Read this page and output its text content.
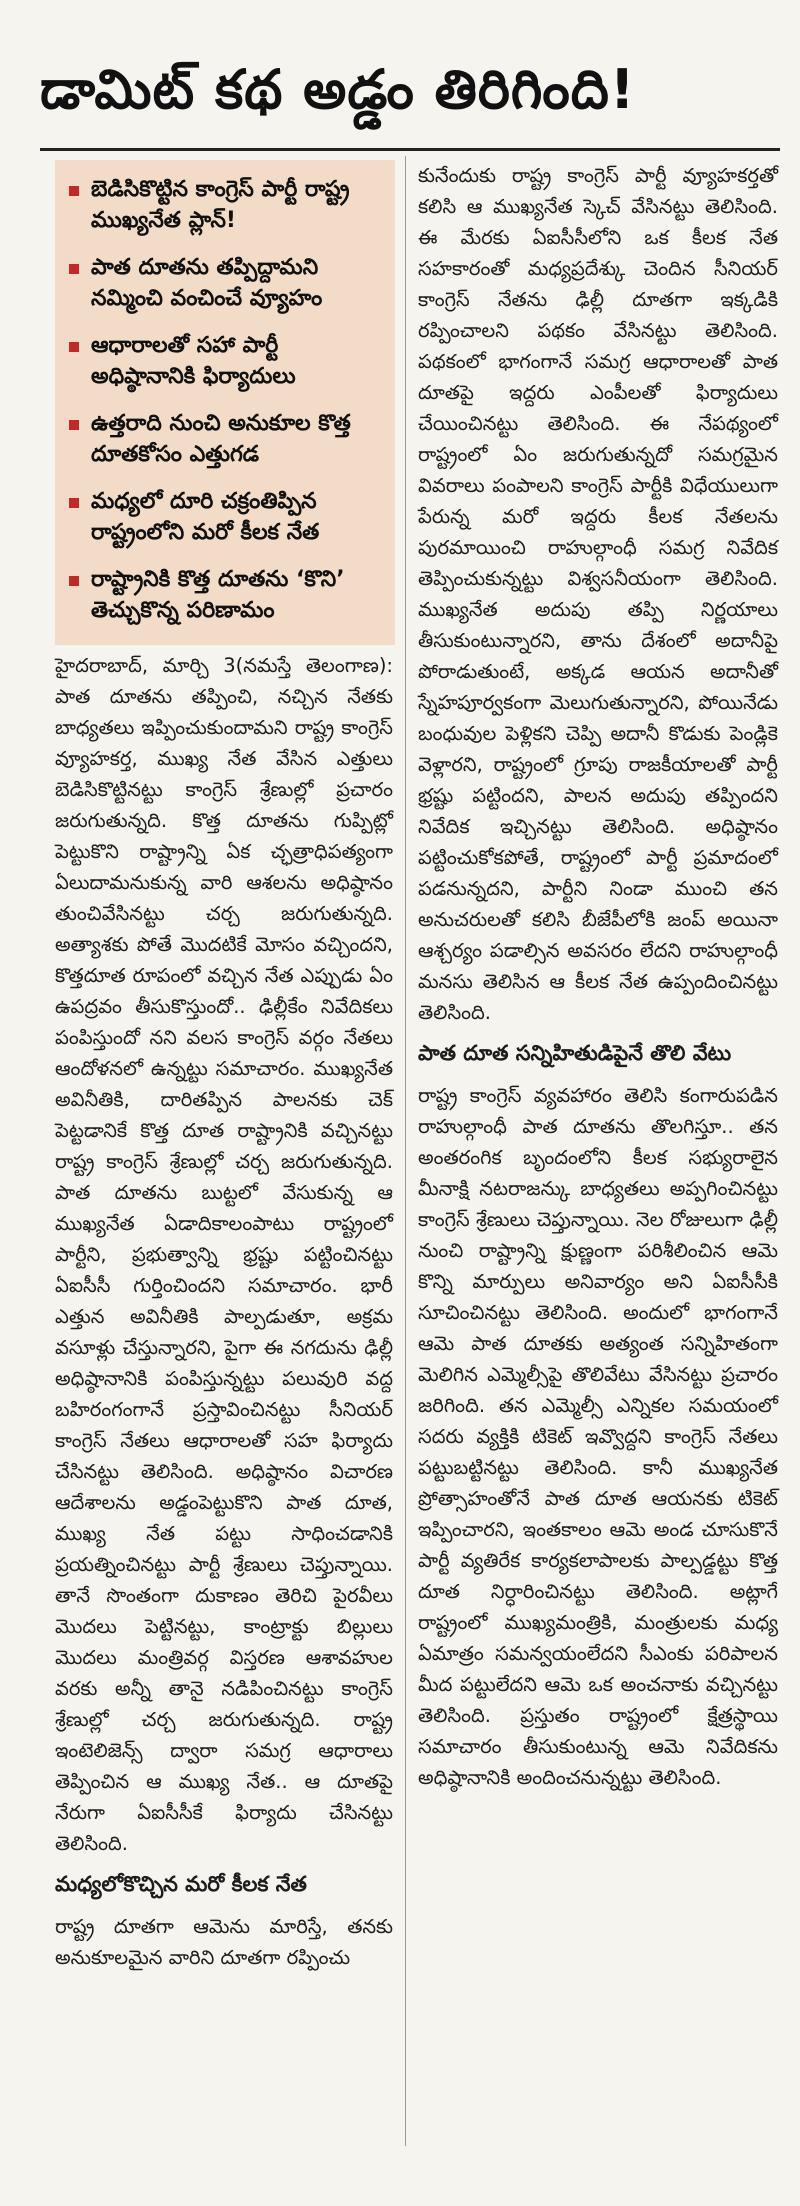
డామిట్ కథ అడ్డం తిరిగింది!
బెడిసికొట్టిన కాంగ్రెస్ పార్టీ రాష్ట్ర ముఖ్యనేత ప్లాన్!
పాత దూతను తప్పిద్దామని నమ్మించి వంచించే వ్యూహం
ఆధారాలతో సహా పార్టీ అధిష్ఠానానికి ఫిర్యాదులు
ఉత్తరాది నుంచి అనుకూల కొత్త దూతకోసం ఎత్తుగడ
మధ్యలో దూరి చక్రంతిప్పిన రాష్ట్రంలోని మరో కీలక నేత
రాష్ట్రానికి కొత్త దూతను ‘కొని’ తెచ్చుకొన్న పరిణామం

హైదరాబాద్, మార్చి 3(నమస్తే తెలంగాణ): పాత దూతను తప్పించి, నచ్చిన నేతకు బాధ్యతలు ఇప్పించుకుందామని రాష్ట్ర కాంగ్రెస్ వ్యూహకర్త, ముఖ్య నేత వేసిన ఎత్తులు బెడిసికొట్టినట్టు కాంగ్రెస్ శ్రేణుల్లో ప్రచారం జరుగుతున్నది. కొత్త దూతను గుప్పిట్లో పెట్టుకొని రాష్ట్రాన్ని ఏక చ్ఛత్రాధిపత్యంగా ఏలుదామనుకున్న వారి ఆశలను అధిష్ఠానం తుంచివేసినట్టు చర్చ జరుగుతున్నది. అత్యాశకు పోతే మొదటికే మోసం వచ్చిందని, కొత్తదూత రూపంలో వచ్చిన నేత ఎప్పుడు ఏం ఉపద్రవం తీసుకొస్తుందో.. ఢిల్లీకేం నివేదికలు పంపిస్తుందో నని వలస కాంగ్రెస్ వర్గం నేతలు ఆందోళనలో ఉన్నట్టు సమాచారం. ముఖ్యనేత అవినీతికి, దారితప్పిన పాలనకు చెక్ పెట్టడానికే కొత్త దూత రాష్ట్రానికి వచ్చినట్టు రాష్ట్ర కాంగ్రెస్ శ్రేణుల్లో చర్చ జరుగుతున్నది. పాత దూతను బుట్టలో వేసుకున్న ఆ ముఖ్యనేత ఏడాదికాలంపాటు రాష్ట్రంలో పార్టీని, ప్రభుత్వాన్ని భ్రష్టు పట్టించినట్టు ఏఐసీసీ గుర్తించిందని సమాచారం. భారీ ఎత్తున అవినీతికి పాల్పడుతూ, అక్రమ వసూళ్లు చేస్తున్నారని, పైగా ఈ నగదును ఢిల్లీ అధిష్ఠానానికి పంపిస్తున్నట్టు పలువురి వద్ద బహిరంగంగానే ప్రస్తావించినట్టు సీనియర్ కాంగ్రెస్ నేతలు ఆధారాలతో సహ ఫిర్యాదు చేసినట్టు తెలిసింది. అధిష్ఠానం విచారణ ఆదేశాలను అడ్డంపెట్టుకొని పాత దూత, ముఖ్య నేత పట్టు సాధించడానికి ప్రయత్నించినట్టు పార్టీ శ్రేణులు చెప్తున్నాయి. తానే సొంతంగా దుకాణం తెరిచి పైరవీలు మొదలు పెట్టినట్టు, కాంట్రాక్టు బిల్లులు మొదలు మంత్రివర్గ విస్తరణ ఆశావహుల వరకు అన్నీ తానై నడిపించినట్టు కాంగ్రెస్ శ్రేణుల్లో చర్చ జరుగుతున్నది. రాష్ట్ర ఇంటెలిజెన్స్ ద్వారా సమగ్ర ఆధారాలు తెప్పించిన ఆ ముఖ్య నేత.. ఆ దూతపై నేరుగా ఏఐసీసీకే ఫిర్యాదు చేసినట్టు తెలిసింది.

మధ్యలోకొచ్చిన మరో కీలక నేత

రాష్ట్ర దూతగా ఆమెను మారిస్తే, తనకు అనుకూలమైన వారిని దూతగా రప్పించు

కునేందుకు రాష్ట్ర కాంగ్రెస్ పార్టీ వ్యూహకర్తతో కలిసి ఆ ముఖ్యనేత స్కెచ్ వేసినట్టు తెలిసింది. ఈ మేరకు ఏఐసీసీలోని ఒక కీలక నేత సహకారంతో మధ్యప్రదేశ్కు చెందిన సీనియర్ కాంగ్రెస్ నేతను ఢిల్లీ దూతగా ఇక్కడికి రప్పించాలని పథకం వేసినట్టు తెలిసింది. పథకంలో భాగంగానే సమగ్ర ఆధారాలతో పాత దూతపై ఇద్దరు ఎంపీలతో ఫిర్యాదులు చేయించినట్టు తెలిసింది. ఈ నేపథ్యంలో రాష్ట్రంలో ఏం జరుగుతున్నదో సమగ్రమైన వివరాలు పంపాలని కాంగ్రెస్ పార్టీకి విధేయులుగా పేరున్న మరో ఇద్దరు కీలక నేతలను పురమాయించి రాహుల్గాంధీ సమగ్ర నివేదిక తెప్పించుకున్నట్టు విశ్వసనీయంగా తెలిసింది. ముఖ్యనేత అదుపు తప్పి నిర్ణయాలు తీసుకుంటున్నారని, తాను దేశంలో అదానీపై పోరాడుతుంటే, అక్కడ ఆయన అదానీతో స్నేహపూర్వకంగా మెలుగుతున్నారని, పోయినేడు బంధువుల పెళ్లికని చెప్పి అదానీ కొడుకు పెండ్లికె వెళ్లారని, రాష్ట్రంలో గ్రూపు రాజకీయాలతో పార్టీ భ్రష్టు పట్టిందని, పాలన అదుపు తప్పిందని నివేదిక ఇచ్చినట్టు తెలిసింది. అధిష్ఠానం పట్టించుకోకపోతే, రాష్ట్రంలో పార్టీ ప్రమాదంలో పడనున్నదని, పార్టీని నిండా ముంచి తన అనుచరులతో కలిసి బీజేపీలోకి జంప్ అయినా ఆశ్చర్యం పడాల్సిన అవసరం లేదని రాహుల్గాంధీ మనసు తెలిసిన ఆ కీలక నేత ఉప్పందించినట్టు తెలిసింది.

పాత దూత సన్నిహితుడిపైనే తొలి వేటు

రాష్ట్ర కాంగ్రెస్ వ్యవహారం తెలిసి కంగారుపడిన రాహుల్గాంధీ పాత దూతను తొలగిస్తూ.. తన అంతరంగిక బృందంలోని కీలక సభ్యురాలైన మీనాక్షి నటరాజన్కు బాధ్యతలు అప్పగించినట్టు కాంగ్రెస్ శ్రేణులు చెప్తున్నాయి. నెల రోజులుగా ఢిల్లీ నుంచి రాష్ట్రాన్ని క్షుణ్ణంగా పరిశీలించిన ఆమె కొన్ని మార్పులు అనివార్యం అని ఏఐసీసీకి సూచించినట్టు తెలిసింది. అందులో భాగంగానే ఆమె పాత దూతకు అత్యంత సన్నిహితంగా మెలిగిన ఎమ్మెల్సీపై తొలివేటు వేసినట్టు ప్రచారం జరిగింది. తన ఎమ్మెల్సీ ఎన్నికల సమయంలో సదరు వ్యక్తికి టికెట్ ఇవ్వొద్దని కాంగ్రెస్ నేతలు పట్టుబట్టినట్టు తెలిసింది. కానీ ముఖ్యనేత ప్రోత్సాహంతోనే పాత దూత ఆయనకు టికెట్ ఇప్పించారని, ఇంతకాలం ఆమె అండ చూసుకొనే పార్టీ వ్యతిరేక కార్యకలాపాలకు పాల్పడ్డట్టు కొత్త దూత నిర్ధారించినట్టు తెలిసింది. అట్లాగే రాష్ట్రంలో ముఖ్యమంత్రికి, మంత్రులకు మధ్య ఏమాత్రం సమన్వయంలేదని సీఎంకు పరిపాలన మీద పట్టులేదని ఆమె ఒక అంచనాకు వచ్చినట్టు తెలిసింది. ప్రస్తుతం రాష్ట్రంలో క్షేత్రస్థాయి సమాచారం తీసుకుంటున్న ఆమె నివేదికను అధిష్ఠానానికి అందించనున్నట్టు తెలిసింది.
